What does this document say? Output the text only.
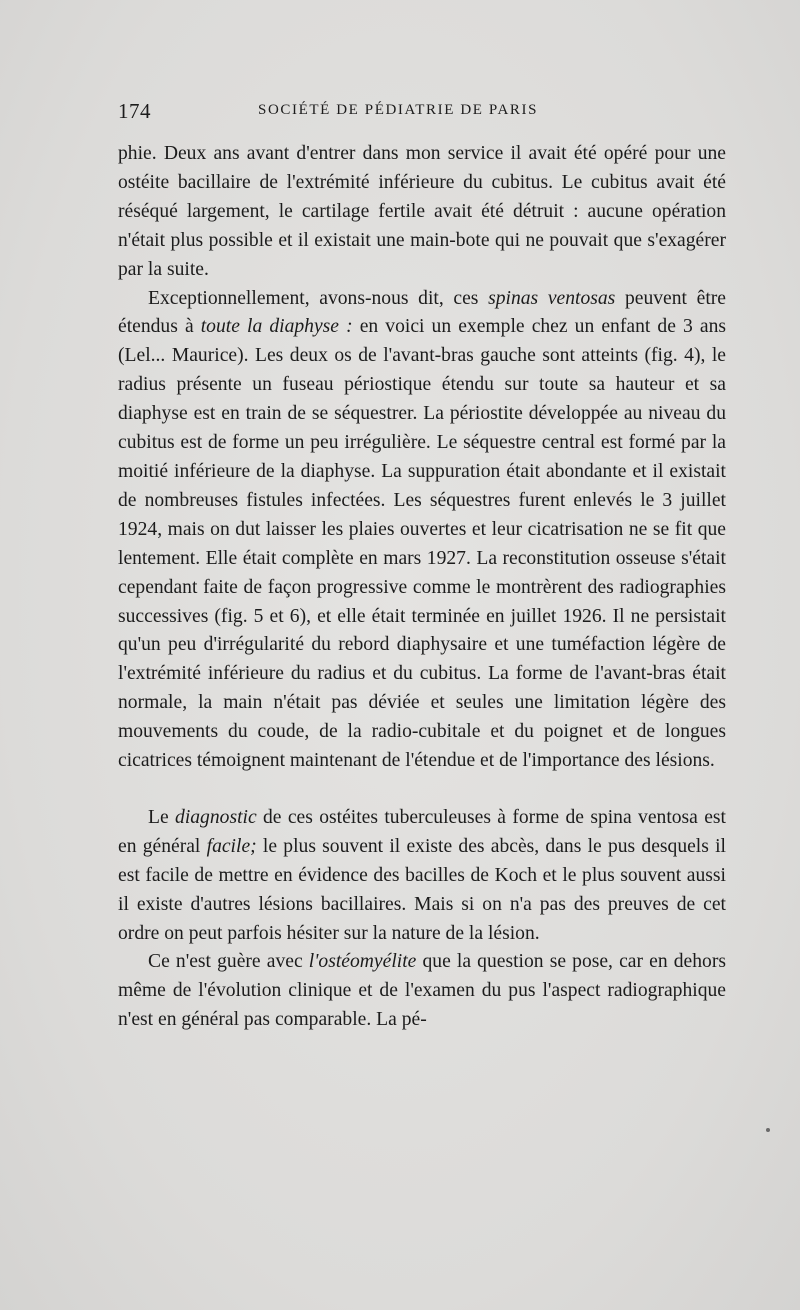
174	SOCIÉTÉ DE PÉDIATRIE DE PARIS

phie. Deux ans avant d'entrer dans mon service il avait été opéré pour une ostéite bacillaire de l'extrémité inférieure du cubitus. Le cubitus avait été réséqué largement, le cartilage fertile avait été détruit : aucune opération n'était plus possible et il existait une main-bote qui ne pouvait que s'exagérer par la suite.

Exceptionnellement, avons-nous dit, ces spinas ventosas peuvent être étendus à toute la diaphyse : en voici un exemple chez un enfant de 3 ans (Lel... Maurice). Les deux os de l'avant-bras gauche sont atteints (fig. 4), le radius présente un fuseau périostique étendu sur toute sa hauteur et sa diaphyse est en train de se séquestrer. La périostite développée au niveau du cubitus est de forme un peu irrégulière. Le séquestre central est formé par la moitié inférieure de la diaphyse. La suppuration était abondante et il existait de nombreuses fistules infectées. Les séquestres furent enlevés le 3 juillet 1924, mais on dut laisser les plaies ouvertes et leur cicatrisation ne se fit que lentement. Elle était complète en mars 1927. La reconstitution osseuse s'était cependant faite de façon progressive comme le montrèrent des radiographies successives (fig. 5 et 6), et elle était terminée en juillet 1926. Il ne persistait qu'un peu d'irrégularité du rebord diaphysaire et une tuméfaction légère de l'extrémité inférieure du radius et du cubitus. La forme de l'avant-bras était normale, la main n'était pas déviée et seules une limitation légère des mouvements du coude, de la radio-cubitale et du poignet et de longues cicatrices témoignent maintenant de l'étendue et de l'importance des lésions.

Le diagnostic de ces ostéites tuberculeuses à forme de spina ventosa est en général facile; le plus souvent il existe des abcès, dans le pus desquels il est facile de mettre en évidence des bacilles de Koch et le plus souvent aussi il existe d'autres lésions bacillaires. Mais si on n'a pas des preuves de cet ordre on peut parfois hésiter sur la nature de la lésion.

Ce n'est guère avec l'ostéomyélite que la question se pose, car en dehors même de l'évolution clinique et de l'examen du pus l'aspect radiographique n'est en général pas comparable. La pé-
